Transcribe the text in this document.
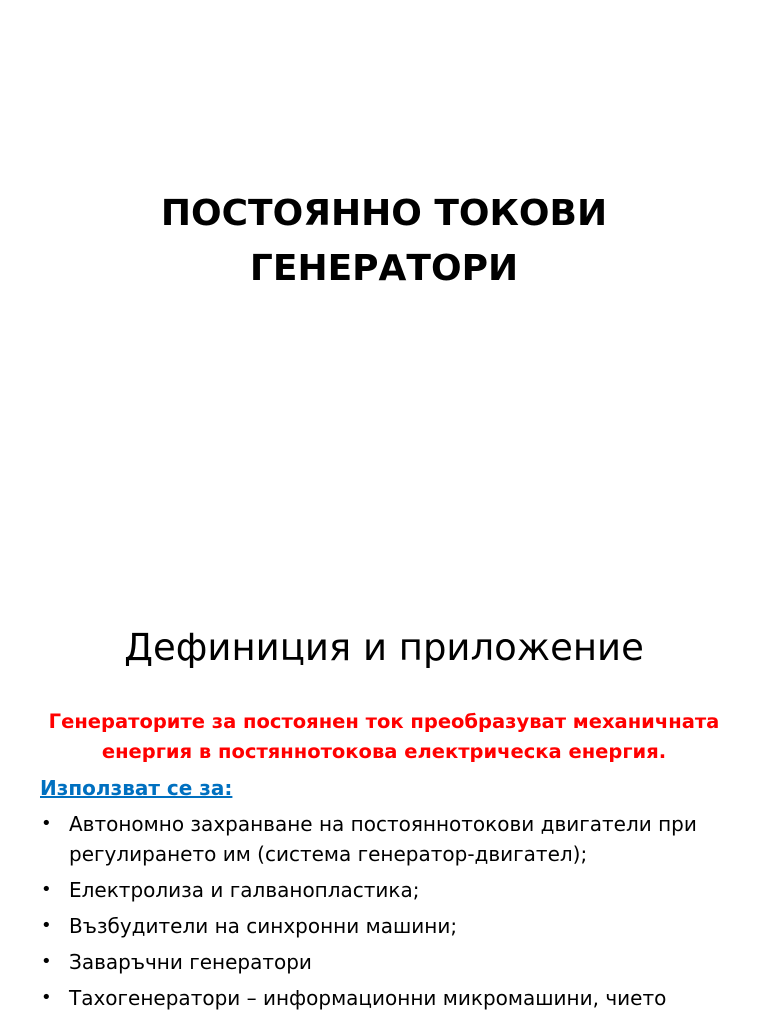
ПОСТОЯННО ТОКОВИ
ГЕНЕРАТОРИ
Дефиниция и приложение

Генераторите за постоянен ток преобразуват механичната енергия в постяннотокова електрическа енергия.

Използват се за:

• Автономно захранване на постояннотокови двигатели при регулирането им (система генератор-двигател);
• Електролиза и галванопластика;
• Възбудители на синхронни машини;
• Заваръчни генератори
• Тахогенератори – информационни микромашини, чието
